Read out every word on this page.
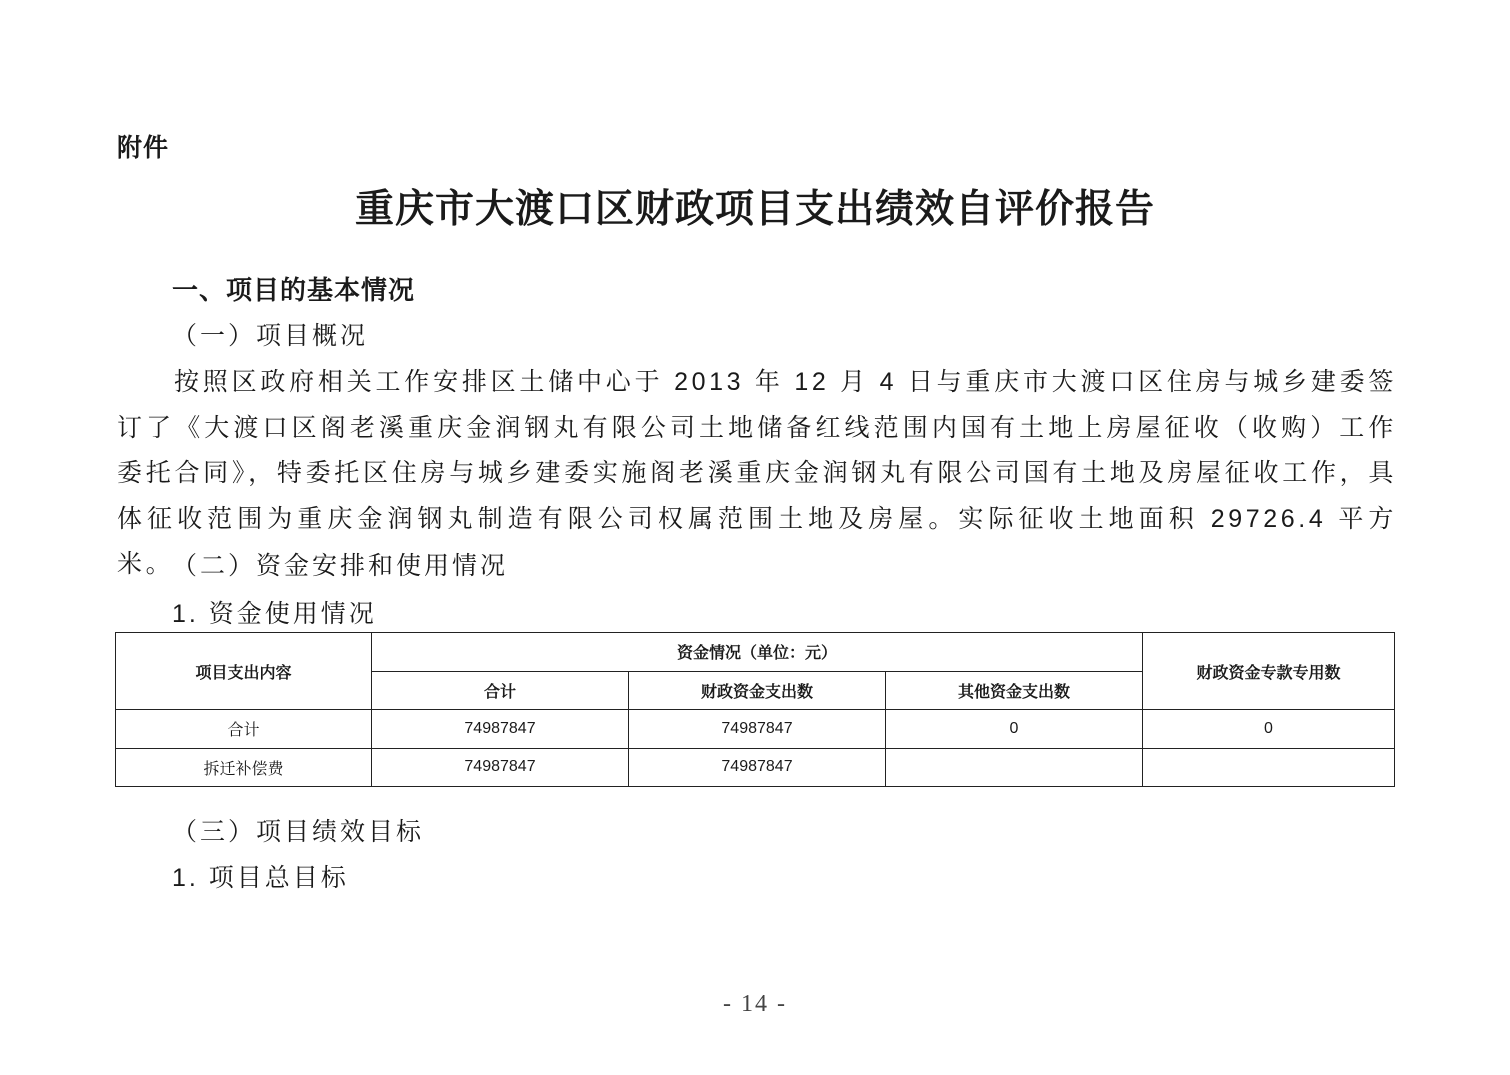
附件
重庆市大渡口区财政项目支出绩效自评价报告
一、项目的基本情况
（一）项目概况
按照区政府相关工作安排区土储中心于 2013 年 12 月 4 日与重庆市大渡口区住房与城乡建委签订了《大渡口区阁老溪重庆金润钢丸有限公司土地储备红线范围内国有土地上房屋征收（收购）工作委托合同》，特委托区住房与城乡建委实施阁老溪重庆金润钢丸有限公司国有土地及房屋征收工作，具体征收范围为重庆金润钢丸制造有限公司权属范围土地及房屋。实际征收土地面积 29726.4 平方米。
（二）资金安排和使用情况
1. 资金使用情况
项目支出内容	资金情况（单位：元）			财政资金专款专用数
	合计	财政资金支出数	其他资金支出数	
合计	74987847	74987847	0	0
拆迁补偿费	74987847	74987847		
（三）项目绩效目标
1. 项目总目标
- 14 -
